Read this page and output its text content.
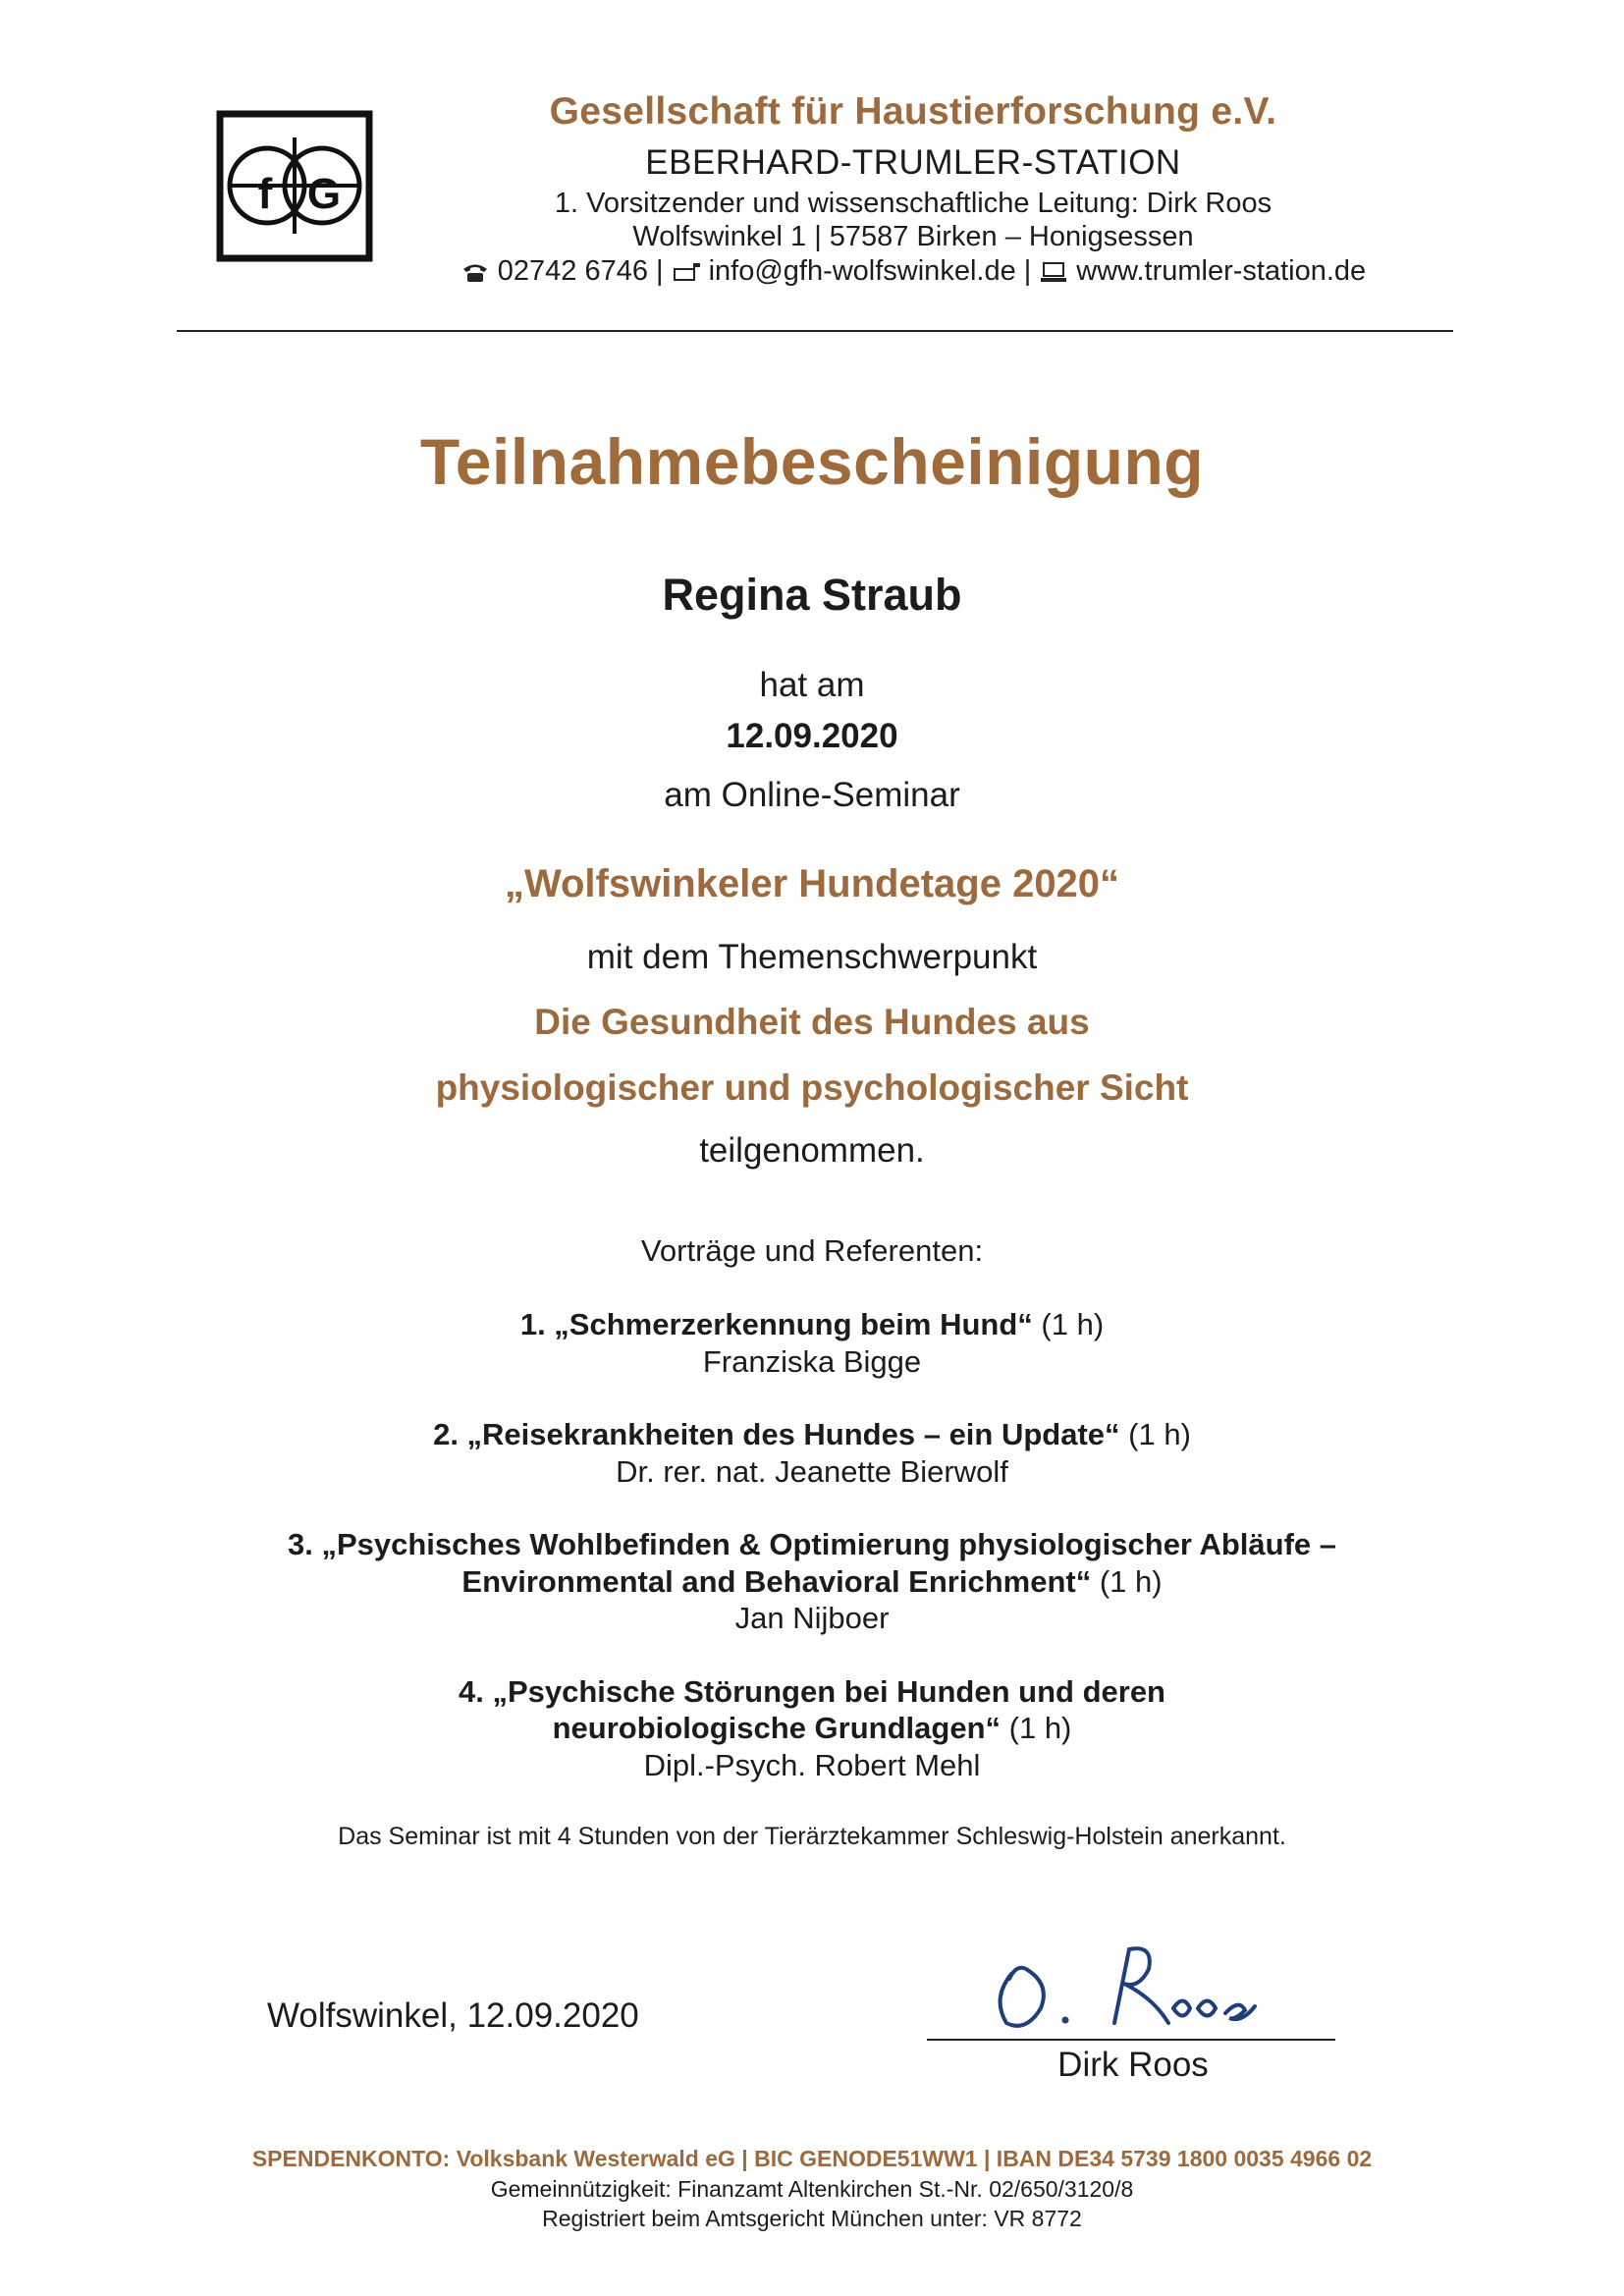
f G
Gesellschaft für Haustierforschung e.V.
EBERHARD-TRUMLER-STATION
1. Vorsitzender und wissenschaftliche Leitung: Dirk Roos
Wolfswinkel 1 | 57587 Birken – Honigsessen
02742 6746 | info@gfh-wolfswinkel.de | www.trumler-station.de
Teilnahmebescheinigung
Regina Straub
hat am
12.09.2020
am Online-Seminar
„Wolfswinkeler Hundetage 2020“
mit dem Themenschwerpunkt
Die Gesundheit des Hundes aus
physiologischer und psychologischer Sicht
teilgenommen.
Vorträge und Referenten:
1. „Schmerzerkennung beim Hund“ (1 h)
Franziska Bigge
2. „Reisekrankheiten des Hundes – ein Update“ (1 h)
Dr. rer. nat. Jeanette Bierwolf
3. „Psychisches Wohlbefinden & Optimierung physiologischer Abläufe –
Environmental and Behavioral Enrichment“ (1 h)
Jan Nijboer
4. „Psychische Störungen bei Hunden und deren
neurobiologische Grundlagen“ (1 h)
Dipl.-Psych. Robert Mehl
Das Seminar ist mit 4 Stunden von der Tierärztekammer Schleswig-Holstein anerkannt.
Wolfswinkel, 12.09.2020
Dirk Roos
SPENDENKONTO: Volksbank Westerwald eG | BIC GENODE51WW1 | IBAN DE34 5739 1800 0035 4966 02
Gemeinnützigkeit: Finanzamt Altenkirchen St.-Nr. 02/650/3120/8
Registriert beim Amtsgericht München unter: VR 8772
